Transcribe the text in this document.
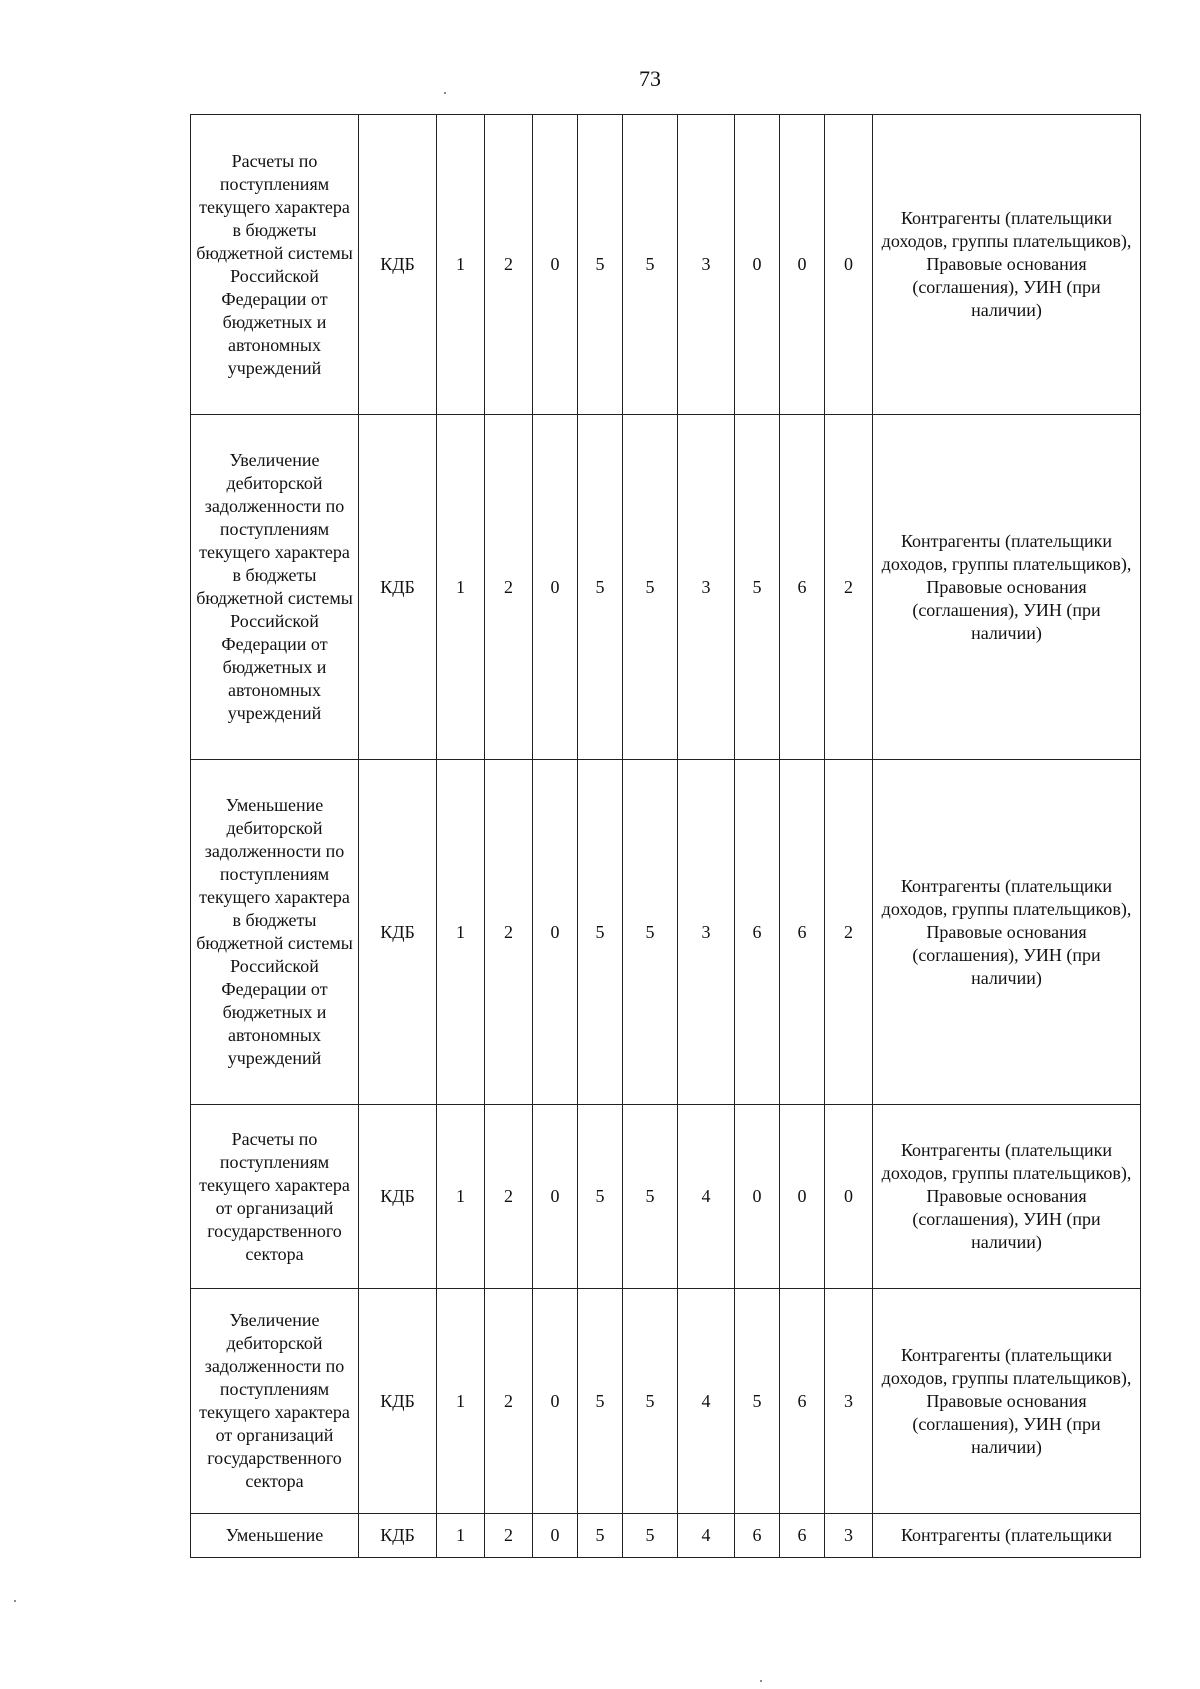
73
Расчеты по поступлениям текущего характера в бюджеты бюджетной системы Российской Федерации от бюджетных и автономных учреждений	КДБ	1	2	0	5	5	3	0	0	0	Контрагенты (плательщики доходов, группы плательщиков), Правовые основания (соглашения), УИН (при наличии)
Увеличение дебиторской задолженности по поступлениям текущего характера в бюджеты бюджетной системы Российской Федерации от бюджетных и автономных учреждений	КДБ	1	2	0	5	5	3	5	6	2	Контрагенты (плательщики доходов, группы плательщиков), Правовые основания (соглашения), УИН (при наличии)
Уменьшение дебиторской задолженности по поступлениям текущего характера в бюджеты бюджетной системы Российской Федерации от бюджетных и автономных учреждений	КДБ	1	2	0	5	5	3	6	6	2	Контрагенты (плательщики доходов, группы плательщиков), Правовые основания (соглашения), УИН (при наличии)
Расчеты по поступлениям текущего характера от организаций государственного сектора	КДБ	1	2	0	5	5	4	0	0	0	Контрагенты (плательщики доходов, группы плательщиков), Правовые основания (соглашения), УИН (при наличии)
Увеличение дебиторской задолженности по поступлениям текущего характера от организаций государственного сектора	КДБ	1	2	0	5	5	4	5	6	3	Контрагенты (плательщики доходов, группы плательщиков), Правовые основания (соглашения), УИН (при наличии)
Уменьшение	КДБ	1	2	0	5	5	4	6	6	3	Контрагенты (плательщики
